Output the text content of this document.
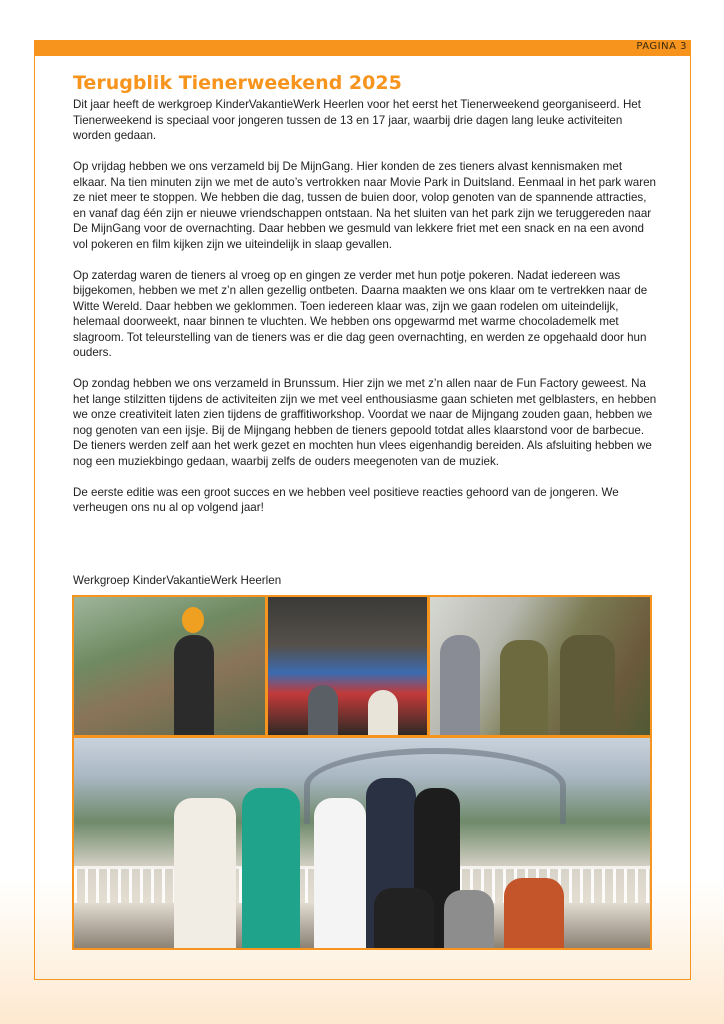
PAGINA 3
Terugblik Tienerweekend 2025

Dit jaar heeft de werkgroep KinderVakantieWerk Heerlen voor het eerst het Tienerweekend georganiseerd. Het Tienerweekend is speciaal voor jongeren tussen de 13 en 17 jaar, waarbij drie dagen lang leuke activiteiten worden gedaan.

Op vrijdag hebben we ons verzameld bij De MijnGang. Hier konden de zes tieners alvast kennismaken met elkaar. Na tien minuten zijn we met de auto’s vertrokken naar Movie Park in Duitsland. Eenmaal in het park waren ze niet meer te stoppen. We hebben die dag, tussen de buien door, volop genoten van de spannende attracties, en vanaf dag één zijn er nieuwe vriendschappen ontstaan. Na het sluiten van het park zijn we teruggereden naar De MijnGang voor de overnachting. Daar hebben we gesmuld van lekkere friet met een snack en na een avond vol pokeren en film kijken zijn we uiteindelijk in slaap gevallen.

Op zaterdag waren de tieners al vroeg op en gingen ze verder met hun potje pokeren. Nadat iedereen was bijgekomen, hebben we met z’n allen gezellig ontbeten. Daarna maakten we ons klaar om te vertrekken naar de Witte Wereld. Daar hebben we geklommen. Toen iedereen klaar was, zijn we gaan rodelen om uiteindelijk, helemaal doorweekt, naar binnen te vluchten. We hebben ons opgewarmd met warme chocolademelk met slagroom. Tot teleurstelling van de tieners was er die dag geen overnachting, en werden ze opgehaald door hun ouders.

Op zondag hebben we ons verzameld in Brunssum. Hier zijn we met z’n allen naar de Fun Factory geweest. Na het lange stilzitten tijdens de activiteiten zijn we met veel enthousiasme gaan schieten met gelblasters, en hebben we onze creativiteit laten zien tijdens de graffitiworkshop. Voordat we naar de Mijngang zouden gaan, hebben we nog genoten van een ijsje. Bij de Mijngang hebben de tieners gepoold totdat alles klaarstond voor de barbecue. De tieners werden zelf aan het werk gezet en mochten hun vlees eigenhandig bereiden. Als afsluiting hebben we nog een muziekbingo gedaan, waarbij zelfs de ouders meegenoten van de muziek.

De eerste editie was een groot succes en we hebben veel positieve reacties gehoord van de jongeren. We verheugen ons nu al op volgend jaar!

Werkgroep KinderVakantieWerk Heerlen
